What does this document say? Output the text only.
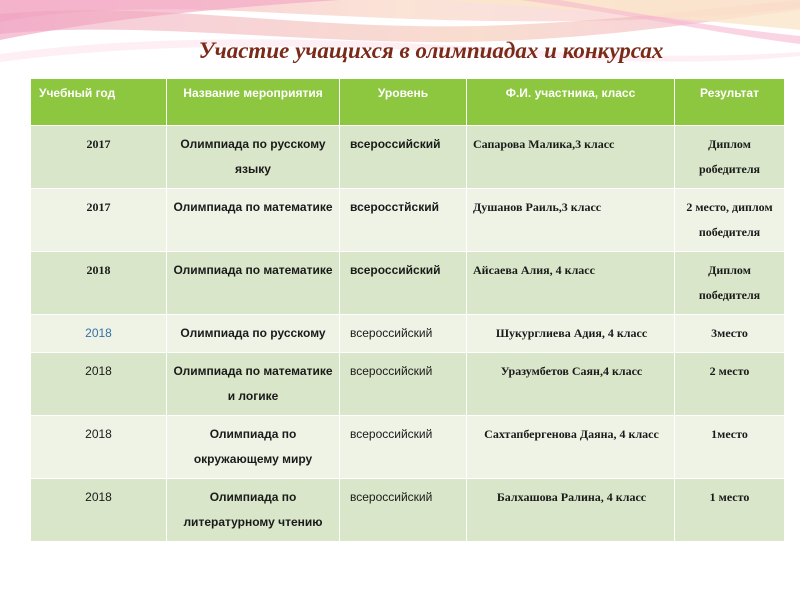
Участие учащихся в олимпиадах и конкурсах
Учебный год	Название мероприятия	Уровень	Ф.И. участника, класс	Результат
2017	Олимпиада по русскому языку	всероссийский	Сапарова Малика,3 класс	Диплом робедителя
2017	Олимпиада по математике	всеросстйский	Душанов Раиль,3 класс	2 место, диплом победителя
2018	Олимпиада по математике	всероссийский	Айсаева Алия, 4 класс	Диплом победителя
2018	Олимпиада по русскому	всероссийский	Шукурглиева Адия, 4 класс	3место
2018	Олимпиада по математике и логике	всероссийский	Уразумбетов Саян,4 класс	2 место
2018	Олимпиада по окружающему миру	всероссийский	Сахтапбергенова Даяна, 4 класс	1место
2018	Олимпиада по литературному чтению	всероссийский	Балхашова Ралина, 4 класс	1 место
